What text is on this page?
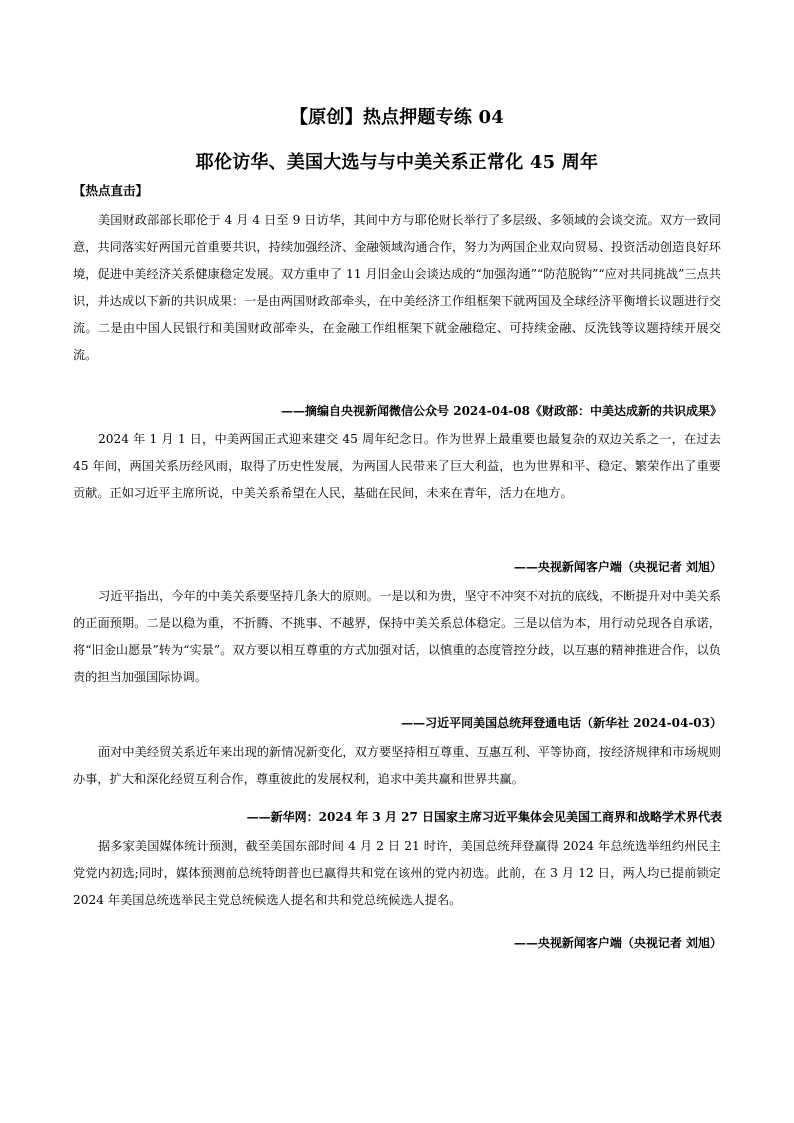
【原创】热点押题专练 04
耶伦访华、美国大选与与中美关系正常化 45 周年
【热点直击】
美国财政部部长耶伦于 4 月 4 日至 9 日访华，其间中方与耶伦财长举行了多层级、多领域的会谈交流。双方一致同意，共同落实好两国元首重要共识，持续加强经济、金融领域沟通合作，努力为两国企业双向贸易、投资活动创造良好环境，促进中美经济关系健康稳定发展。双方重申了 11 月旧金山会谈达成的“加强沟通”“防范脱钩”“应对共同挑战”三点共识，并达成以下新的共识成果：一是由两国财政部牵头，在中美经济工作组框架下就两国及全球经济平衡增长议题进行交流。二是由中国人民银行和美国财政部牵头，在金融工作组框架下就金融稳定、可持续金融、反洗钱等议题持续开展交流。
——摘编自央视新闻微信公众号 2024-04-08《财政部：中美达成新的共识成果》
2024 年 1 月 1 日，中美两国正式迎来建交 45 周年纪念日。作为世界上最重要也最复杂的双边关系之一，在过去 45 年间，两国关系历经风雨，取得了历史性发展，为两国人民带来了巨大利益，也为世界和平、稳定、繁荣作出了重要贡献。正如习近平主席所说，中美关系希望在人民，基础在民间，未来在青年，活力在地方。
——央视新闻客户端（央视记者 刘旭）
习近平指出，今年的中美关系要坚持几条大的原则。一是以和为贵，坚守不冲突不对抗的底线，不断提升对中美关系的正面预期。二是以稳为重，不折腾、不挑事、不越界，保持中美关系总体稳定。三是以信为本，用行动兑现各自承诺，将“旧金山愿景”转为“实景”。双方要以相互尊重的方式加强对话，以慎重的态度管控分歧，以互惠的精神推进合作，以负责的担当加强国际协调。
——习近平同美国总统拜登通电话（新华社 2024-04-03）
面对中美经贸关系近年来出现的新情况新变化，双方要坚持相互尊重、互惠互利、平等协商，按经济规律和市场规则办事，扩大和深化经贸互利合作，尊重彼此的发展权利，追求中美共赢和世界共赢。
——新华网：2024 年 3 月 27 日国家主席习近平集体会见美国工商界和战略学术界代表
据多家美国媒体统计预测，截至美国东部时间 4 月 2 日 21 时许，美国总统拜登赢得 2024 年总统选举纽约州民主党党内初选;同时，媒体预测前总统特朗普也已赢得共和党在该州的党内初选。此前，在 3 月 12 日，两人均已提前锁定 2024 年美国总统选举民主党总统候选人提名和共和党总统候选人提名。
——央视新闻客户端（央视记者 刘旭）
